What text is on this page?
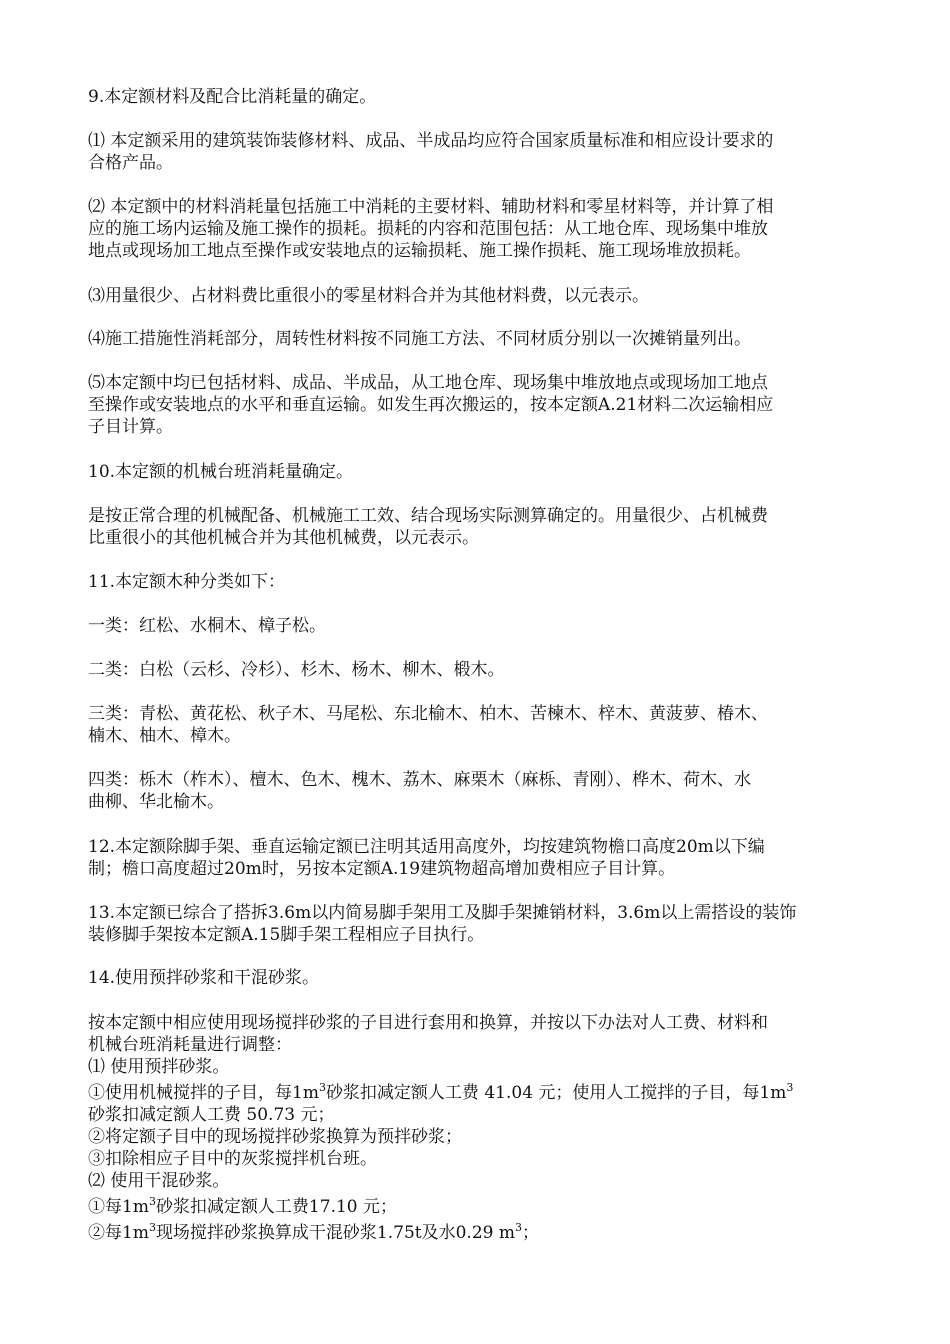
9.本定额材料及配合比消耗量的确定。
⑴ 本定额采用的建筑装饰装修材料、成品、半成品均应符合国家质量标准和相应设计要求的
合格产品。
⑵ 本定额中的材料消耗量包括施工中消耗的主要材料、辅助材料和零星材料等，并计算了相
应的施工场内运输及施工操作的损耗。损耗的内容和范围包括：从工地仓库、现场集中堆放
地点或现场加工地点至操作或安装地点的运输损耗、施工操作损耗、施工现场堆放损耗。
⑶用量很少、占材料费比重很小的零星材料合并为其他材料费，以元表示。
⑷施工措施性消耗部分，周转性材料按不同施工方法、不同材质分别以一次摊销量列出。
⑸本定额中均已包括材料、成品、半成品，从工地仓库、现场集中堆放地点或现场加工地点
至操作或安装地点的水平和垂直运输。如发生再次搬运的，按本定额A.21材料二次运输相应
子目计算。
10.本定额的机械台班消耗量确定。
是按正常合理的机械配备、机械施工工效、结合现场实际测算确定的。用量很少、占机械费
比重很小的其他机械合并为其他机械费，以元表示。
11.本定额木种分类如下：
一类：红松、水桐木、樟子松。
二类：白松（云杉、冷杉）、杉木、杨木、柳木、椴木。
三类：青松、黄花松、秋子木、马尾松、东北榆木、柏木、苦楝木、梓木、黄菠萝、椿木、
楠木、柚木、樟木。
四类：栎木（柞木）、檀木、色木、槐木、荔木、麻栗木（麻栎、青刚）、桦木、荷木、水
曲柳、华北榆木。
12.本定额除脚手架、垂直运输定额已注明其适用高度外，均按建筑物檐口高度20m以下编
制；檐口高度超过20m时，另按本定额A.19建筑物超高增加费相应子目计算。
13.本定额已综合了搭拆3.6m以内简易脚手架用工及脚手架摊销材料，3.6m以上需搭设的装饰
装修脚手架按本定额A.15脚手架工程相应子目执行。
14.使用预拌砂浆和干混砂浆。
按本定额中相应使用现场搅拌砂浆的子目进行套用和换算，并按以下办法对人工费、材料和
机械台班消耗量进行调整：
⑴ 使用预拌砂浆。
①使用机械搅拌的子目，每$1m^3$砂浆扣减定额人工费 41.04 元；使用人工搅拌的子目，每$1m^3$
砂浆扣减定额人工费 50.73 元；
②将定额子目中的现场搅拌砂浆换算为预拌砂浆；
③扣除相应子目中的灰浆搅拌机台班。
⑵ 使用干混砂浆。
①每$1m^3$砂浆扣减定额人工费17.10 元；
②每$1m^3$现场搅拌砂浆换算成干混砂浆1.75t及水0.29 $m^3$；
